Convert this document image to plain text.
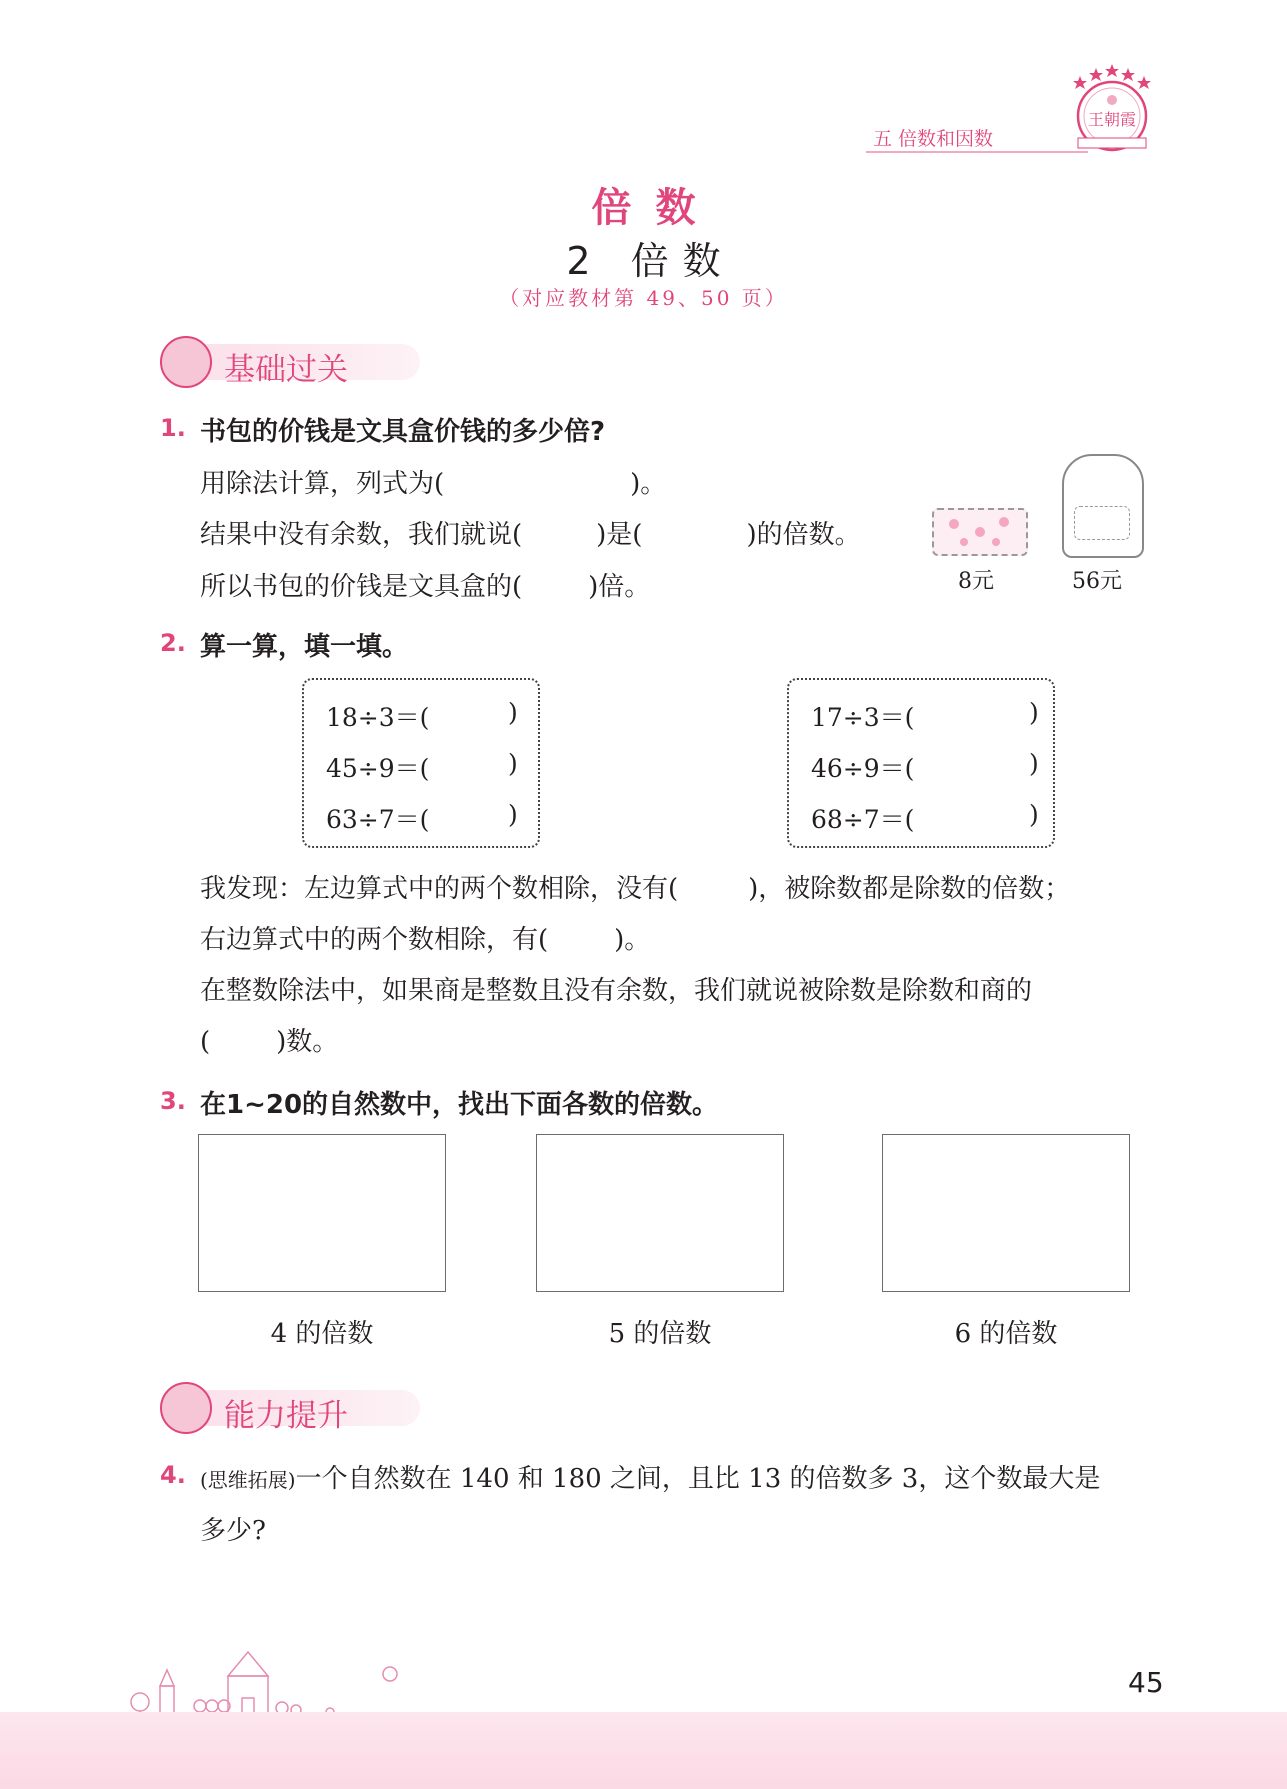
五 倍数和因数
王朝霞
倍数
2 倍数
（对应教材第 49、50 页）
基础过关
1. 书包的价钱是文具盒价钱的多少倍?
用除法计算，列式为(	)。
结果中没有余数，我们就说(	)是(	)的倍数。
所以书包的价钱是文具盒的(	)倍。	8元	56元
2. 算一算，填一填。
18÷3＝(	)
45÷9＝(	)
63÷7＝(	)
17÷3＝(	)
46÷9＝(	)
68÷7＝(	)
我发现：左边算式中的两个数相除，没有(	)，被除数都是除数的倍数；
右边算式中的两个数相除，有(	)。
在整数除法中，如果商是整数且没有余数，我们就说被除数是除数和商的
(	)数。
3. 在1~20的自然数中，找出下面各数的倍数。
4 的倍数	5 的倍数	6 的倍数
能力提升
4. (思维拓展)一个自然数在 140 和 180 之间，且比 13 的倍数多 3，这个数最大是
多少?
45
